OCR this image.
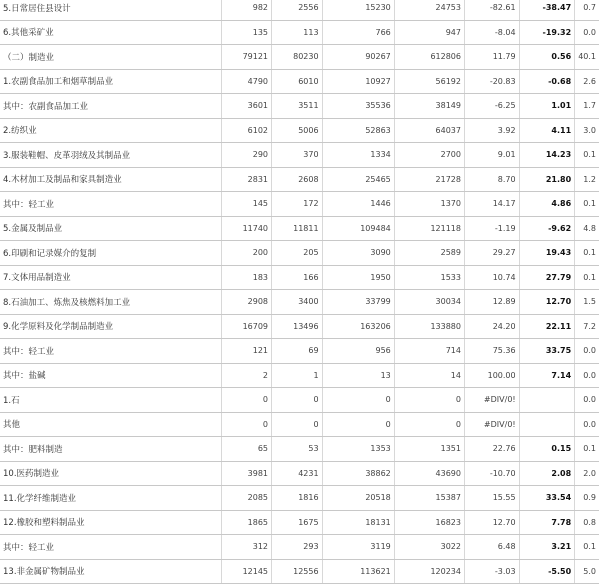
5.日常居住县设计	982	2556	15230	24753	-82.61	-38.47	0.7
6.其他采矿业	135	113	766	947	-8.04	-19.32	0.0
（二）制造业	79121	80230	90267	612806	11.79	0.56	40.1
1.农副食品加工和烟草制品业	4790	6010	10927	56192	-20.83	-0.68	2.6
其中：农副食品加工业	3601	3511	35536	38149	-6.25	1.01	1.7
2.纺织业	6102	5006	52863	64037	3.92	4.11	3.0
3.服装鞋帽、皮革羽绒及其制品业	290	370	1334	2700	9.01	14.23	0.1
4.木材加工及制品和家具制造业	2831	2608	25465	21728	8.70	21.80	1.2
其中：轻工业	145	172	1446	1370	14.17	4.86	0.1
5.金属及制品业	11740	11811	109484	121118	-1.19	-9.62	4.8
6.印刷和记录媒介的复制	200	205	3090	2589	29.27	19.43	0.1
7.文体用品制造业	183	166	1950	1533	10.74	27.79	0.1
8.石油加工、炼焦及核燃料加工业	2908	3400	33799	30034	12.89	12.70	1.5
9.化学原料及化学制品制造业	16709	13496	163206	133880	24.20	22.11	7.2
其中：轻工业	121	69	956	714	75.36	33.75	0.0
其中：盐碱	2	1	13	14	100.00	7.14	0.0
1.石	0	0	0	0	#DIV/0!		0.0
其他	0	0	0	0	#DIV/0!		0.0
其中：肥料制造	65	53	1353	1351	22.76	0.15	0.1
10.医药制造业	3981	4231	38862	43690	-10.70	2.08	2.0
11.化学纤维制造业	2085	1816	20518	15387	15.55	33.54	0.9
12.橡胶和塑料制品业	1865	1675	18131	16823	12.70	7.78	0.8
其中：轻工业	312	293	3119	3022	6.48	3.21	0.1
13.非金属矿物制品业	12145	12556	113621	120234	-3.03	-5.50	5.0
